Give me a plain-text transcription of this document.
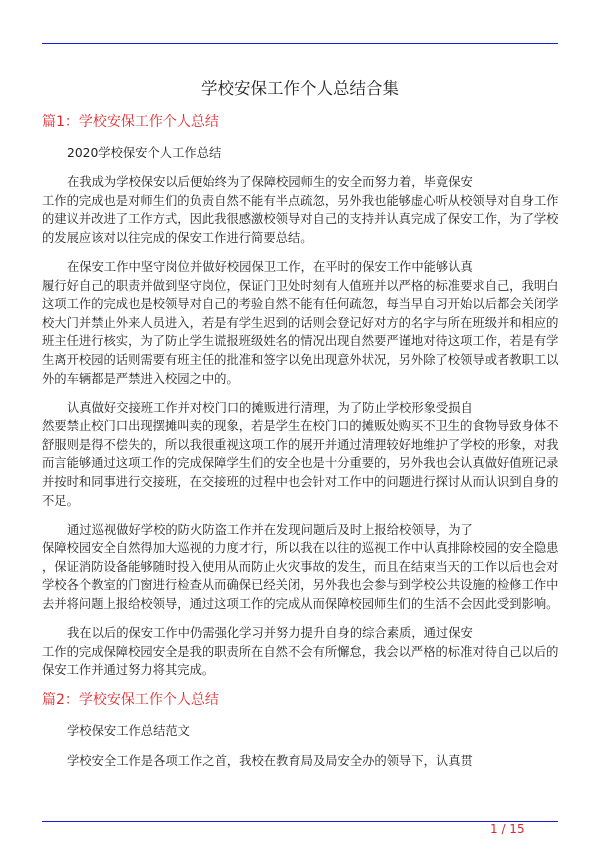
学校安保工作个人总结合集
篇1：学校安保工作个人总结
2020学校保安个人工作总结
在我成为学校保安以后便始终为了保障校园师生的安全而努力着，毕竟保安
工作的完成也是对师生们的负责自然不能有半点疏忽，另外我也能够虚心听从校领导对自身工作
的建议并改进了工作方式，因此我很感激校领导对自己的支持并认真完成了保安工作，为了学校
的发展应该对以往完成的保安工作进行简要总结。
在保安工作中坚守岗位并做好校园保卫工作，在平时的保安工作中能够认真
履行好自己的职责并做到坚守岗位，保证门卫处时刻有人值班并以严格的标准要求自己，我明白
这项工作的完成也是校领导对自己的考验自然不能有任何疏忽，每当早自习开始以后都会关闭学
校大门并禁止外来人员进入，若是有学生迟到的话则会登记好对方的名字与所在班级并和相应的
班主任进行核实，为了防止学生谎报班级姓名的情况出现自然要严谨地对待这项工作，若是有学
生离开校园的话则需要有班主任的批准和签字以免出现意外状况，另外除了校领导或者教职工以
外的车辆都是严禁进入校园之中的。
认真做好交接班工作并对校门口的摊贩进行清理，为了防止学校形象受损自
然要禁止校门口出现摆摊叫卖的现象，若是学生在校门口的摊贩处购买不卫生的食物导致身体不
舒服则是得不偿失的，所以我很重视这项工作的展开并通过清理较好地维护了学校的形象，对我
而言能够通过这项工作的完成保障学生们的安全也是十分重要的，另外我也会认真做好值班记录
并按时和同事进行交接班，在交接班的过程中也会针对工作中的问题进行探讨从而认识到自身的
不足。
通过巡视做好学校的防火防盗工作并在发现问题后及时上报给校领导，为了
保障校园安全自然得加大巡视的力度才行，所以我在以往的巡视工作中认真排除校园的安全隐患
，保证消防设备能够随时投入使用从而防止火灾事故的发生，而且在结束当天的工作以后也会对
学校各个教室的门窗进行检查从而确保已经关闭，另外我也会参与到学校公共设施的检修工作中
去并将问题上报给校领导，通过这项工作的完成从而保障校园师生们的生活不会因此受到影响。
我在以后的保安工作中仍需强化学习并努力提升自身的综合素质，通过保安
工作的完成保障校园安全是我的职责所在自然不会有所懈怠，我会以严格的标准对待自己以后的
保安工作并通过努力将其完成。
篇2：学校安保工作个人总结
学校保安工作总结范文
学校安全工作是各项工作之首，我校在教育局及局安全办的领导下，认真贯
1 / 15
